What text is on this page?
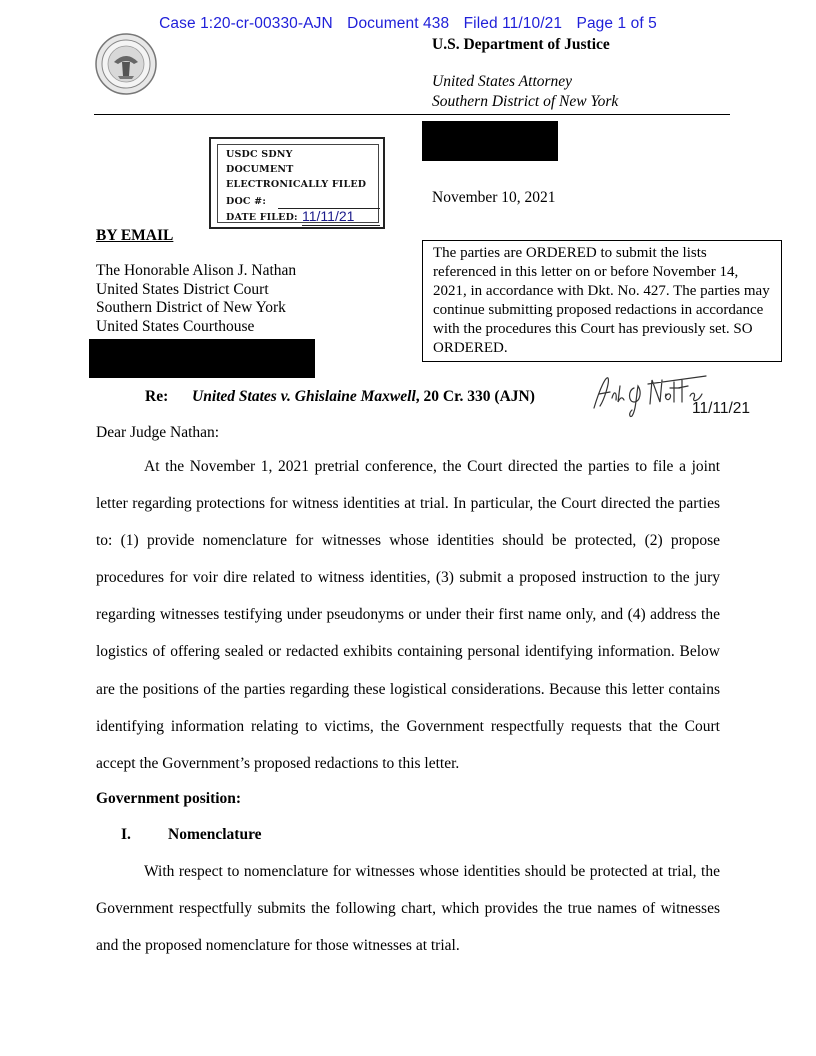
Case 1:20-cr-00330-AJN Document 438 Filed 11/10/21 Page 1 of 5
U.S. Department of Justice
United States Attorney
Southern District of New York
USDC SDNY
DOCUMENT
ELECTRONICALLY FILED
DOC #:
DATE FILED: 11/11/21
November 10, 2021
BY EMAIL
The Honorable Alison J. Nathan
United States District Court
Southern District of New York
United States Courthouse
The parties are ORDERED to submit the lists referenced in this letter on or before November 14, 2021, in accordance with Dkt. No. 427. The parties may continue submitting proposed redactions in accordance with the procedures this Court has previously set. SO ORDERED.
Re: United States v. Ghislaine Maxwell, 20 Cr. 330 (AJN)
11/11/21
Dear Judge Nathan:

At the November 1, 2021 pretrial conference, the Court directed the parties to file a joint letter regarding protections for witness identities at trial. In particular, the Court directed the parties to: (1) provide nomenclature for witnesses whose identities should be protected, (2) propose procedures for voir dire related to witness identities, (3) submit a proposed instruction to the jury regarding witnesses testifying under pseudonyms or under their first name only, and (4) address the logistics of offering sealed or redacted exhibits containing personal identifying information. Below are the positions of the parties regarding these logistical considerations. Because this letter contains identifying information relating to victims, the Government respectfully requests that the Court accept the Government’s proposed redactions to this letter.

Government position:
I. Nomenclature

With respect to nomenclature for witnesses whose identities should be protected at trial, the Government respectfully submits the following chart, which provides the true names of witnesses and the proposed nomenclature for those witnesses at trial.
